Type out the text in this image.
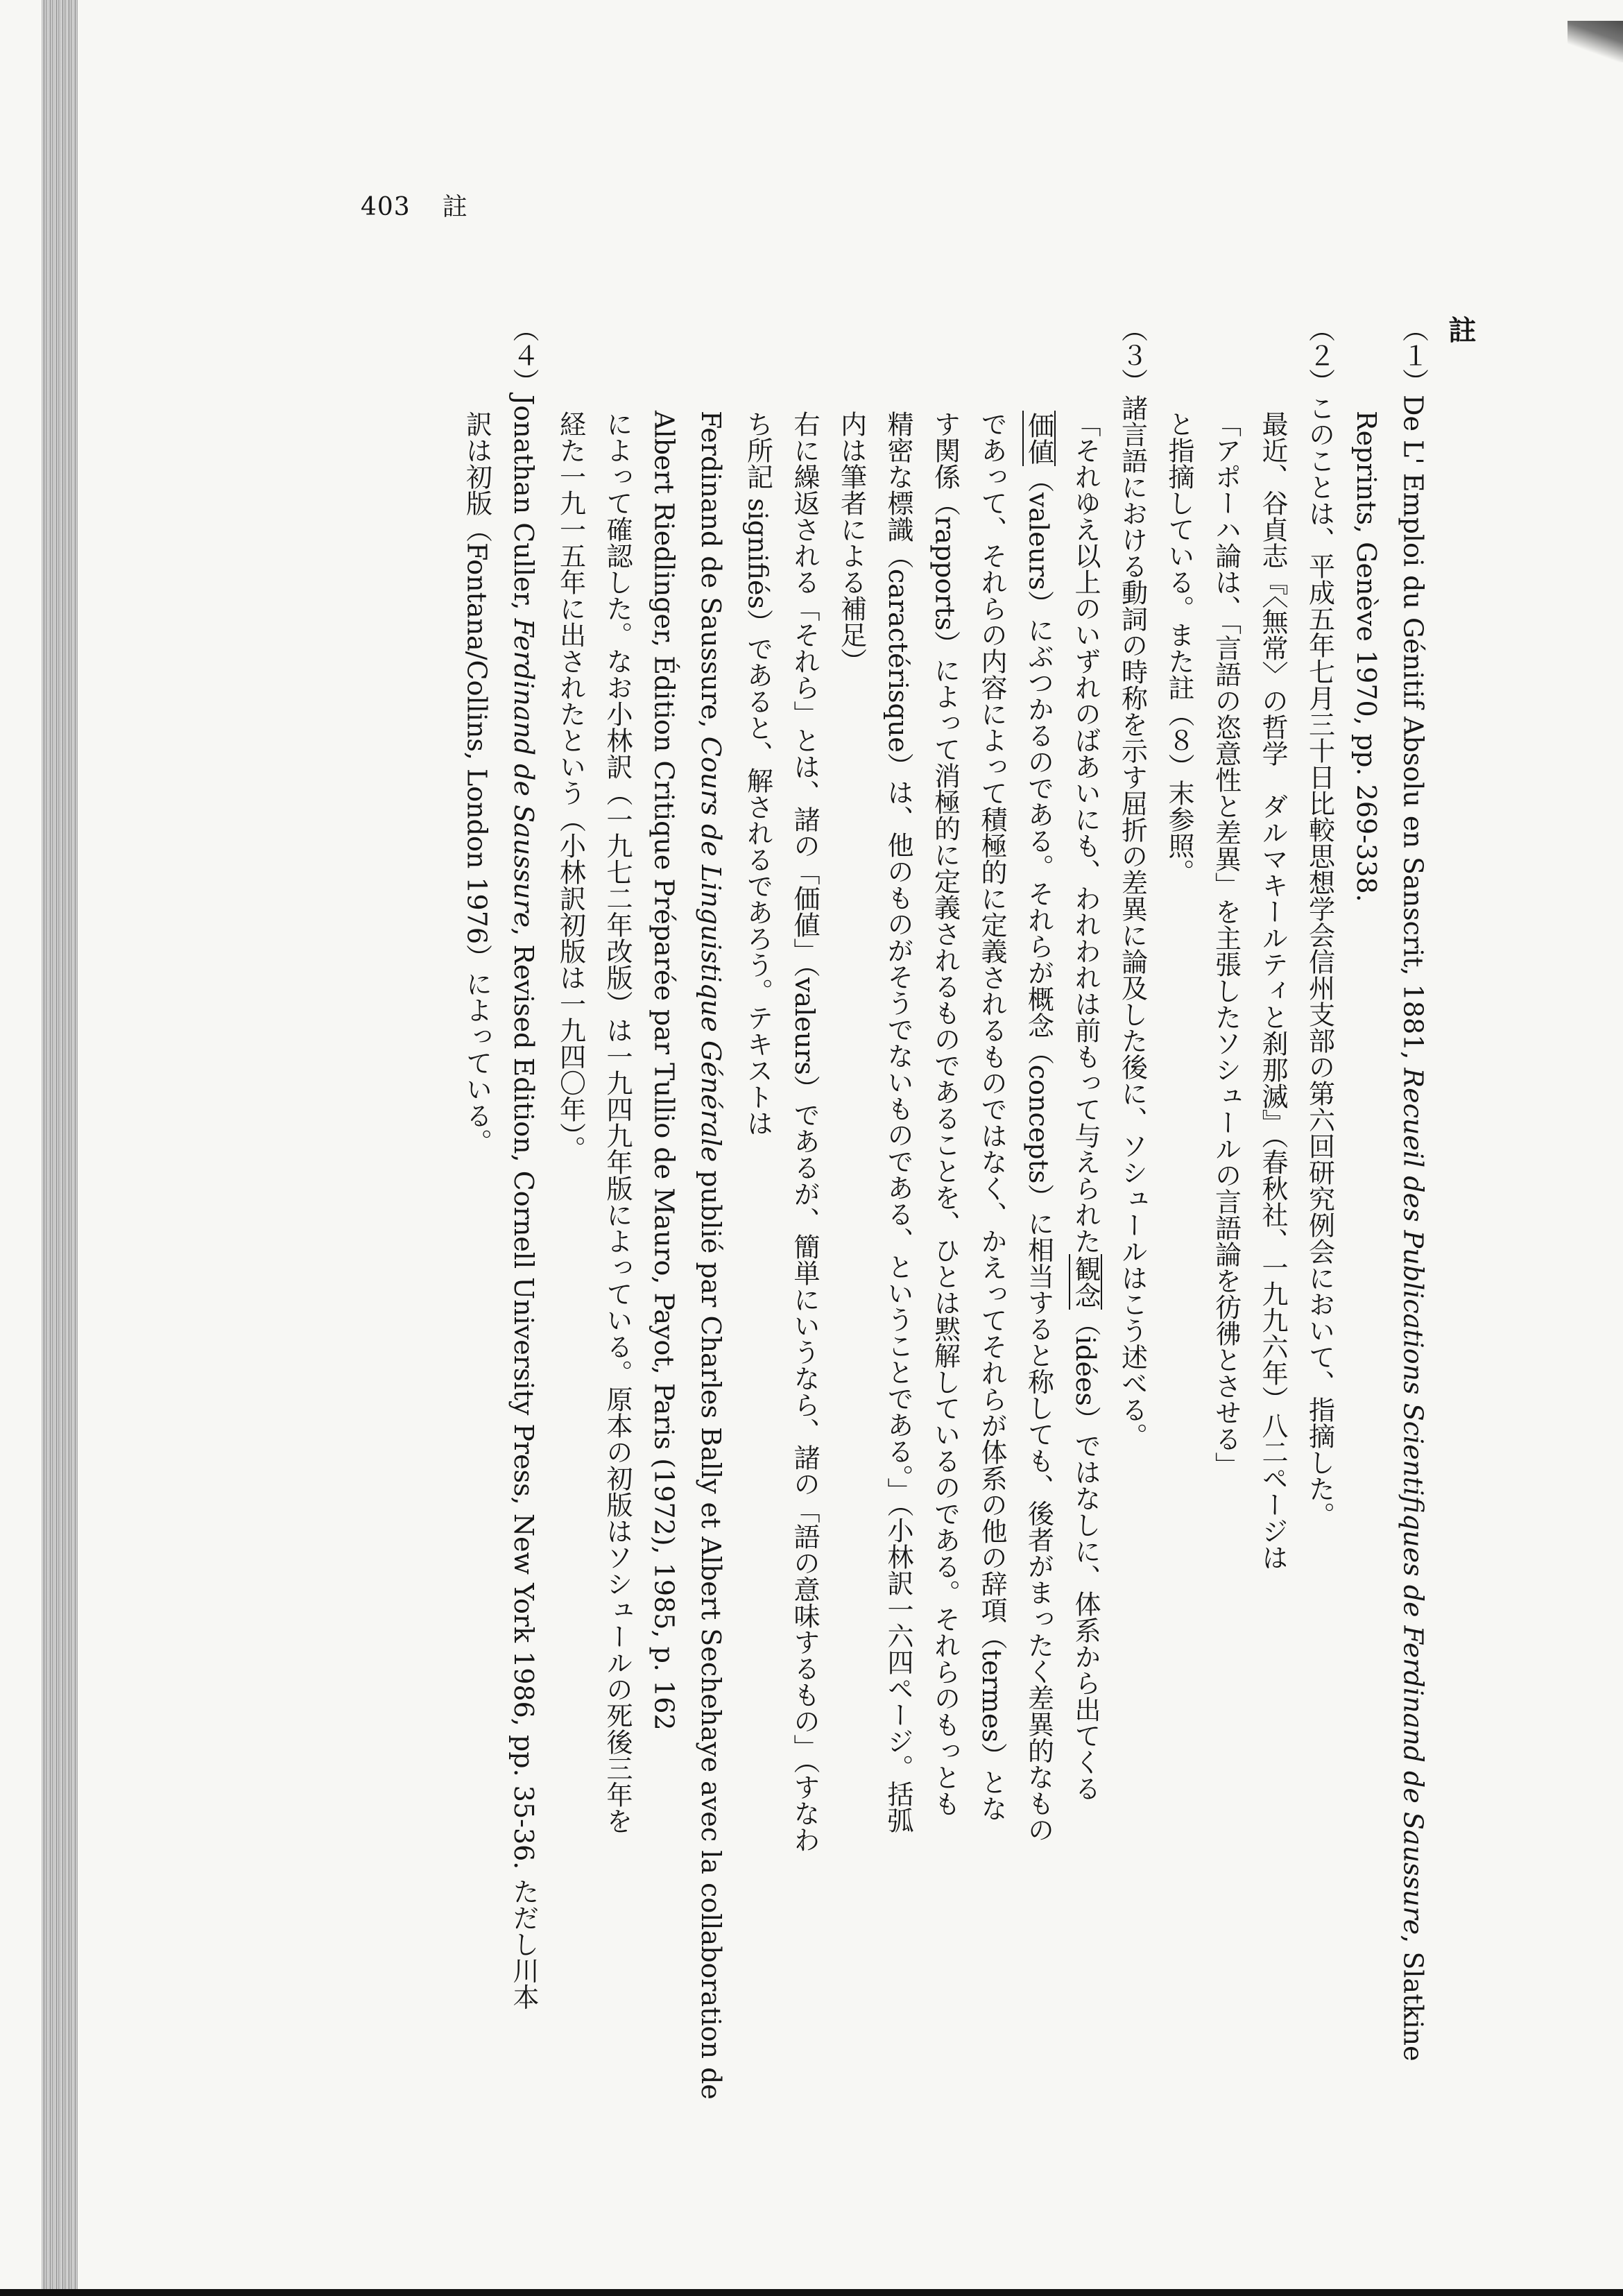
403 註

註

（１）De L' Emploi du Génitif Absolu en Sanscrit, 1881, Recueil des Publications Scientifiques de Ferdinand de Saussure, Slatkine

Reprints, Genève 1970, pp. 269-338.

（２）このことは、平成五年七月三十日比較思想学会信州支部の第六回研究例会において、指摘した。

最近、谷貞志『〈無常〉の哲学　ダルマキールティと刹那滅』（春秋社、一九九六年）八二ページは

「アポーハ論は、「言語の恣意性と差異」を主張したソシュールの言語論を彷彿とさせる」

と指摘している。また註（８）末参照。

（３）諸言語における動詞の時称を示す屈折の差異に論及した後に、ソシュールはこう述べる。

「それゆえ以上のいずれのばあいにも、われわれは前もって与えられた観念（idées）ではなしに、体系から出てくる

価値（valeurs）にぶつかるのである。それらが概念（concepts）に相当すると称しても、後者がまったく差異的なもの

であって、それらの内容によって積極的に定義されるものではなく、かえってそれらが体系の他の辞項（termes）とな

す関係（rapports）によって消極的に定義されるものであることを、ひとは黙解しているのである。それらのもっとも

精密な標識（caractérisque）は、他のものがそうでないものである、ということである。」（小林訳一六四ページ。括弧

内は筆者による補足）

右に繰返される「それら」とは、諸の「価値」（valeurs）であるが、簡単にいうなら、諸の「語の意味するもの」（すなわ

ち所記 signifiés）であると、解されるであろう。テキストは

Ferdinand de Saussure, Cours de Linguistique Générale publié par Charles Bally et Albert Sechehaye avec la collaboration de

Albert Riedlinger, Édition Critique Préparée par Tullio de Mauro, Payot, Paris (1972), 1985, p. 162

によって確認した。なお小林訳（一九七二年改版）は一九四九年版によっている。原本の初版はソシュールの死後三年を

経た一九一五年に出されたという（小林訳初版は一九四〇年）。

（４）Jonathan Culler, Ferdinand de Saussure, Revised Edition, Cornell University Press, New York 1986, pp. 35-36. ただし川本

訳は初版（Fontana/Collins, London 1976）によっている。
